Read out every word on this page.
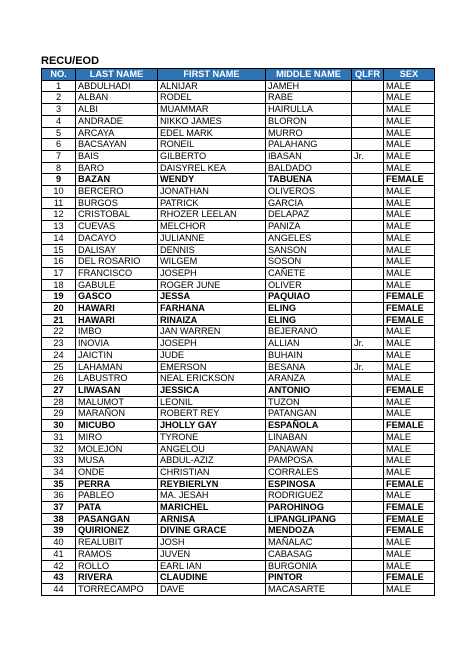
RECU/EOD
NO.	LAST NAME	FIRST NAME	MIDDLE NAME	QLFR	SEX
1	ABDULHADI	ALNIJAR	JAMEH		MALE
2	ALBAN	RODEL	RABE		MALE
3	ALBI	MUAMMAR	HAIRULLA		MALE
4	ANDRADE	NIKKO JAMES	BLORON		MALE
5	ARCAYA	EDEL MARK	MURRO		MALE
6	BACSAYAN	RONEIL	PALAHANG		MALE
7	BAIS	GILBERTO	IBASAN	Jr.	MALE
8	BARO	DAISYREL KEA	BALDADO		MALE
9	BAZAN	WENDY	TABUENA		FEMALE
10	BERCERO	JONATHAN	OLIVEROS		MALE
11	BURGOS	PATRICK	GARCIA		MALE
12	CRISTOBAL	RHOZER LEELAN	DELAPAZ		MALE
13	CUEVAS	MELCHOR	PANIZA		MALE
14	DACAYO	JULIANNE	ANGELES		MALE
15	DALISAY	DENNIS	SANSON		MALE
16	DEL ROSARIO	WILGEM	SOSON		MALE
17	FRANCISCO	JOSEPH	CAÑETE		MALE
18	GABULE	ROGER JUNE	OLIVER		MALE
19	GASCO	JESSA	PAQUIAO		FEMALE
20	HAWARI	FARHANA	ELING		FEMALE
21	HAWARI	RINAIZA	ELING		FEMALE
22	IMBO	JAN WARREN	BEJERANO		MALE
23	INOVIA	JOSEPH	ALLIAN	Jr.	MALE
24	JAICTIN	JUDE	BUHAIN		MALE
25	LAHAMAN	EMERSON	BESANA	Jr.	MALE
26	LABUSTRO	NEAL ERICKSON	ARANZA		MALE
27	LIWASAN	JESSICA	ANTONIO		FEMALE
28	MALUMOT	LEONIL	TUZON		MALE
29	MARAÑON	ROBERT REY	PATANGAN		MALE
30	MICUBO	JHOLLY GAY	ESPAÑOLA		FEMALE
31	MIRO	TYRONE	LINABAN		MALE
32	MOLEJON	ANGELOU	PANAWAN		MALE
33	MUSA	ABDUL-AZIZ	PAMPOSA		MALE
34	ONDE	CHRISTIAN	CORRALES		MALE
35	PERRA	REYBIERLYN	ESPINOSA		FEMALE
36	PABLEO	MA. JESAH	RODRIGUEZ		MALE
37	PATA	MARICHEL	PAROHINOG		FEMALE
38	PASANGAN	ARNISA	LIPANGLIPANG		FEMALE
39	QUIRIONEZ	DIVINE GRACE	MENDOZA		FEMALE
40	REALUBIT	JOSH	MAÑALAC		MALE
41	RAMOS	JUVEN	CABASAG		MALE
42	ROLLO	EARL IAN	BURGONIA		MALE
43	RIVERA	CLAUDINE	PINTOR		FEMALE
44	TORRECAMPO	DAVE	MACASARTE		MALE
